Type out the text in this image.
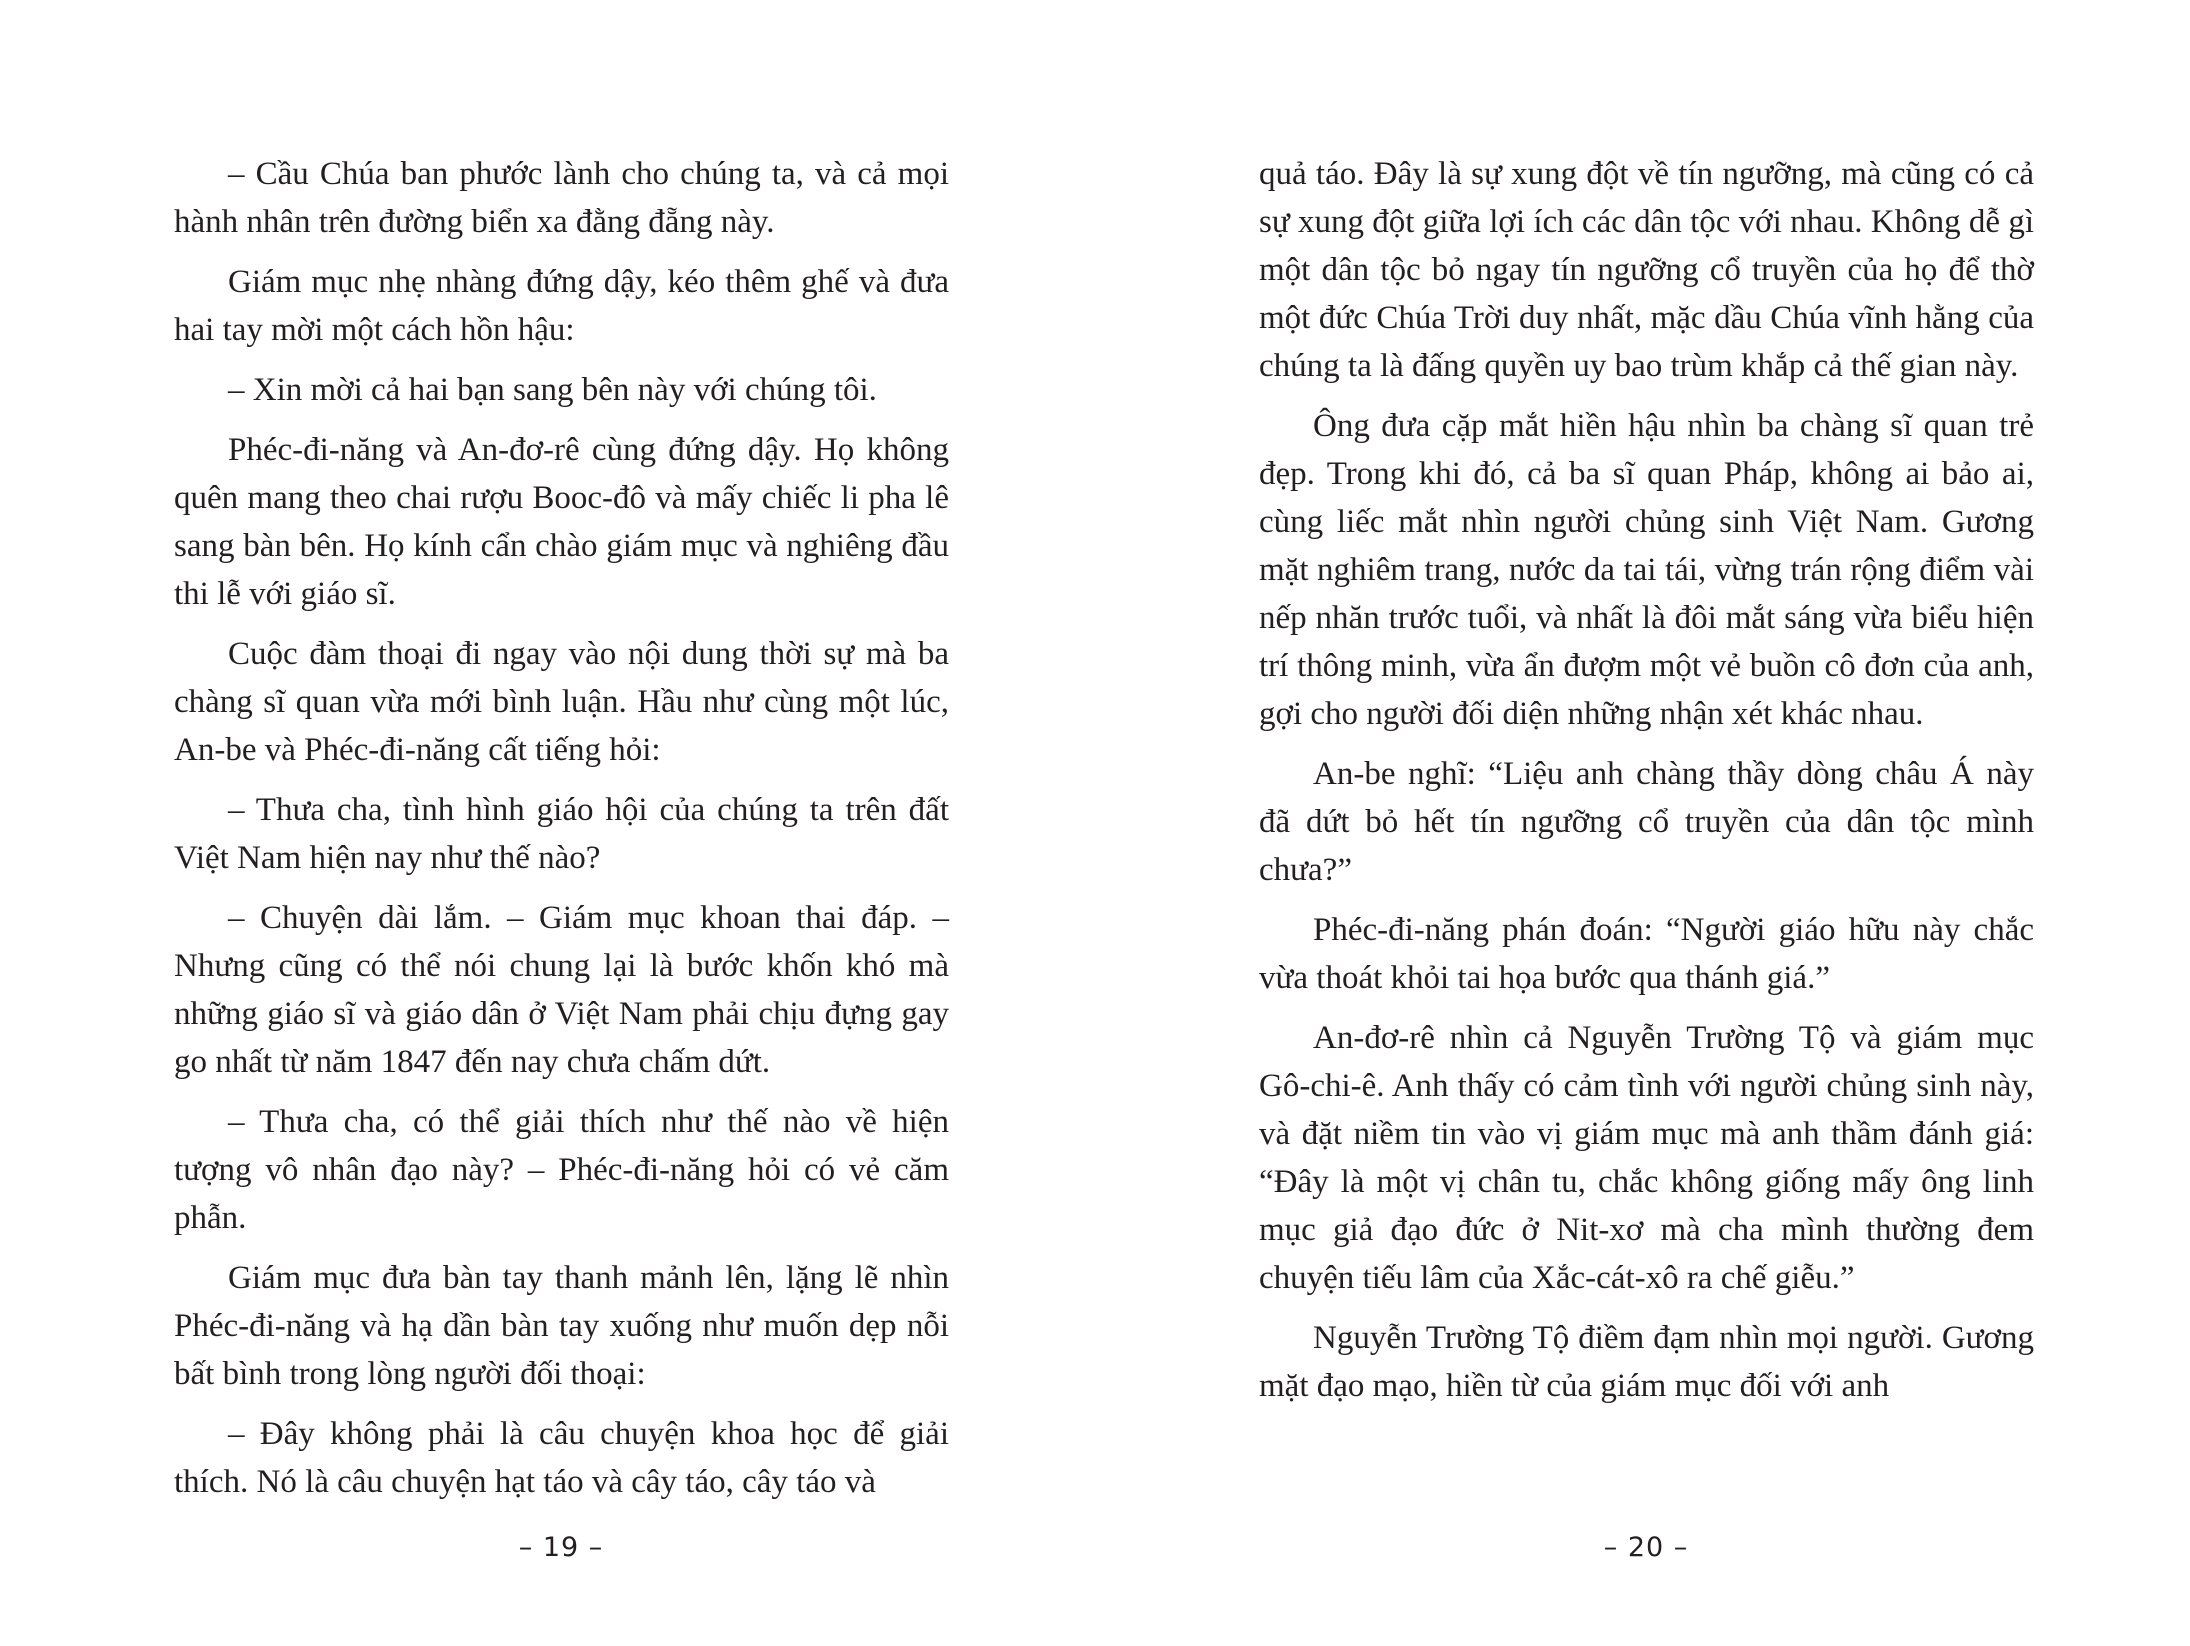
– Cầu Chúa ban phước lành cho chúng ta, và cả mọi hành nhân trên đường biển xa đằng đẵng này.

Giám mục nhẹ nhàng đứng dậy, kéo thêm ghế và đưa hai tay mời một cách hồn hậu:

– Xin mời cả hai bạn sang bên này với chúng tôi.

Phéc-đi-năng và An-đơ-rê cùng đứng dậy. Họ không quên mang theo chai rượu Booc-đô và mấy chiếc li pha lê sang bàn bên. Họ kính cẩn chào giám mục và nghiêng đầu thi lễ với giáo sĩ.

Cuộc đàm thoại đi ngay vào nội dung thời sự mà ba chàng sĩ quan vừa mới bình luận. Hầu như cùng một lúc, An-be và Phéc-đi-năng cất tiếng hỏi:

– Thưa cha, tình hình giáo hội của chúng ta trên đất Việt Nam hiện nay như thế nào?

– Chuyện dài lắm. – Giám mục khoan thai đáp. – Nhưng cũng có thể nói chung lại là bước khốn khó mà những giáo sĩ và giáo dân ở Việt Nam phải chịu đựng gay go nhất từ năm 1847 đến nay chưa chấm dứt.

– Thưa cha, có thể giải thích như thế nào về hiện tượng vô nhân đạo này? – Phéc-đi-năng hỏi có vẻ căm phẫn.

Giám mục đưa bàn tay thanh mảnh lên, lặng lẽ nhìn Phéc-đi-năng và hạ dần bàn tay xuống như muốn dẹp nỗi bất bình trong lòng người đối thoại:

– Đây không phải là câu chuyện khoa học để giải thích. Nó là câu chuyện hạt táo và cây táo, cây táo và

– 19 –

quả táo. Đây là sự xung đột về tín ngưỡng, mà cũng có cả sự xung đột giữa lợi ích các dân tộc với nhau. Không dễ gì một dân tộc bỏ ngay tín ngưỡng cổ truyền của họ để thờ một đức Chúa Trời duy nhất, mặc dầu Chúa vĩnh hằng của chúng ta là đấng quyền uy bao trùm khắp cả thế gian này.

Ông đưa cặp mắt hiền hậu nhìn ba chàng sĩ quan trẻ đẹp. Trong khi đó, cả ba sĩ quan Pháp, không ai bảo ai, cùng liếc mắt nhìn người chủng sinh Việt Nam. Gương mặt nghiêm trang, nước da tai tái, vừng trán rộng điểm vài nếp nhăn trước tuổi, và nhất là đôi mắt sáng vừa biểu hiện trí thông minh, vừa ẩn đượm một vẻ buồn cô đơn của anh, gợi cho người đối diện những nhận xét khác nhau.

An-be nghĩ: “Liệu anh chàng thầy dòng châu Á này đã dứt bỏ hết tín ngưỡng cổ truyền của dân tộc mình chưa?”

Phéc-đi-năng phán đoán: “Người giáo hữu này chắc vừa thoát khỏi tai họa bước qua thánh giá.”

An-đơ-rê nhìn cả Nguyễn Trường Tộ và giám mục Gô-chi-ê. Anh thấy có cảm tình với người chủng sinh này, và đặt niềm tin vào vị giám mục mà anh thầm đánh giá: “Đây là một vị chân tu, chắc không giống mấy ông linh mục giả đạo đức ở Nit-xơ mà cha mình thường đem chuyện tiếu lâm của Xắc-cát-xô ra chế giễu.”

Nguyễn Trường Tộ điềm đạm nhìn mọi người. Gương mặt đạo mạo, hiền từ của giám mục đối với anh

– 20 –
